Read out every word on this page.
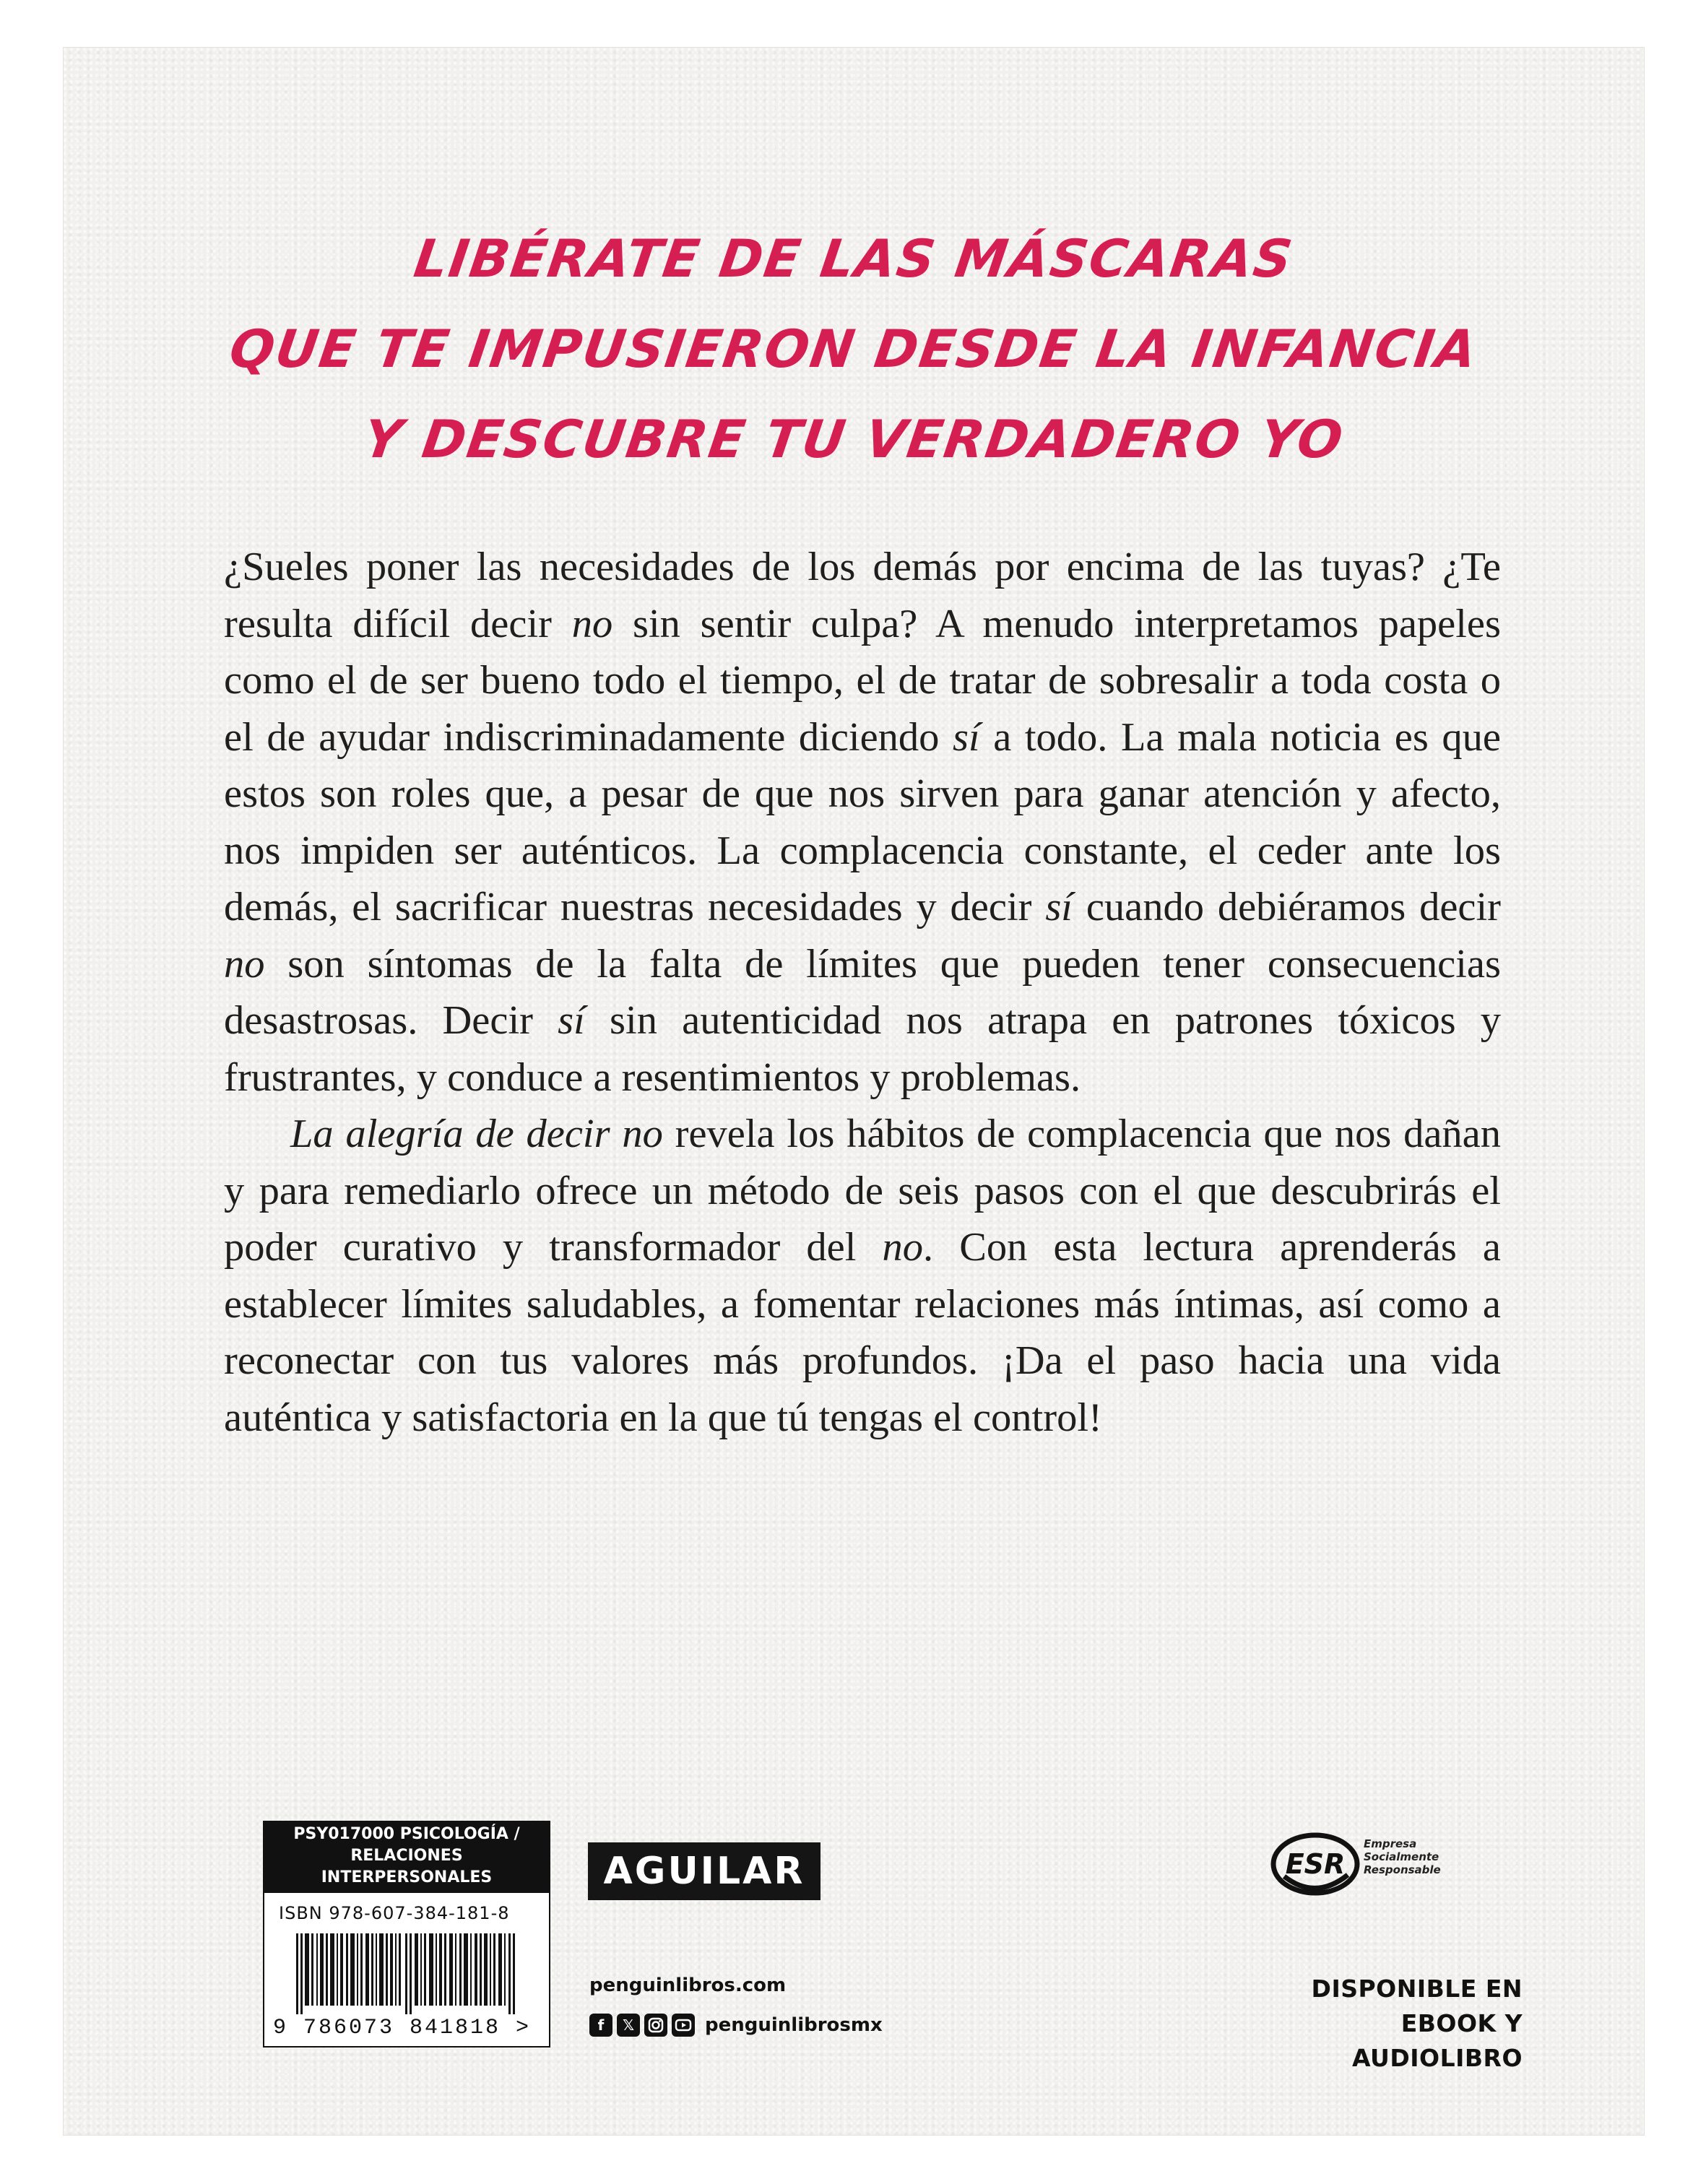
LIBÉRATE DE LAS MÁSCARAS
QUE TE IMPUSIERON DESDE LA INFANCIA
Y DESCUBRE TU VERDADERO YO

¿Sueles poner las necesidades de los demás por encima de las tuyas? ¿Te resulta difícil decir no sin sentir culpa? A menudo interpretamos papeles como el de ser bueno todo el tiempo, el de tratar de sobresalir a toda costa o el de ayudar indiscriminadamente diciendo sí a todo. La mala noticia es que estos son roles que, a pesar de que nos sirven para ganar atención y afecto, nos impiden ser auténticos. La complacencia constante, el ceder ante los demás, el sacrificar nuestras necesidades y decir sí cuando debiéramos decir no son síntomas de la falta de límites que pueden tener consecuencias desastrosas. Decir sí sin autenticidad nos atrapa en patrones tóxicos y frustrantes, y conduce a resentimientos y problemas.

La alegría de decir no revela los hábitos de complacencia que nos dañan y para remediarlo ofrece un método de seis pasos con el que descubrirás el poder curativo y transformador del no. Con esta lectura aprenderás a establecer límites saludables, a fomentar relaciones más íntimas, así como a reconectar con tus valores más profundos. ¡Da el paso hacia una vida auténtica y satisfactoria en la que tú tengas el control!

PSY017000 PSICOLOGÍA /
RELACIONES INTERPERSONALES
ISBN 978-607-384-181-8
9 786073 841818 >
AGUILAR	ESR
Empresa
Socialmente
Responsable
penguinlibros.com
f	𝕏	penguinlibrosmx
DISPONIBLE EN
EBOOK Y AUDIOLIBRO
